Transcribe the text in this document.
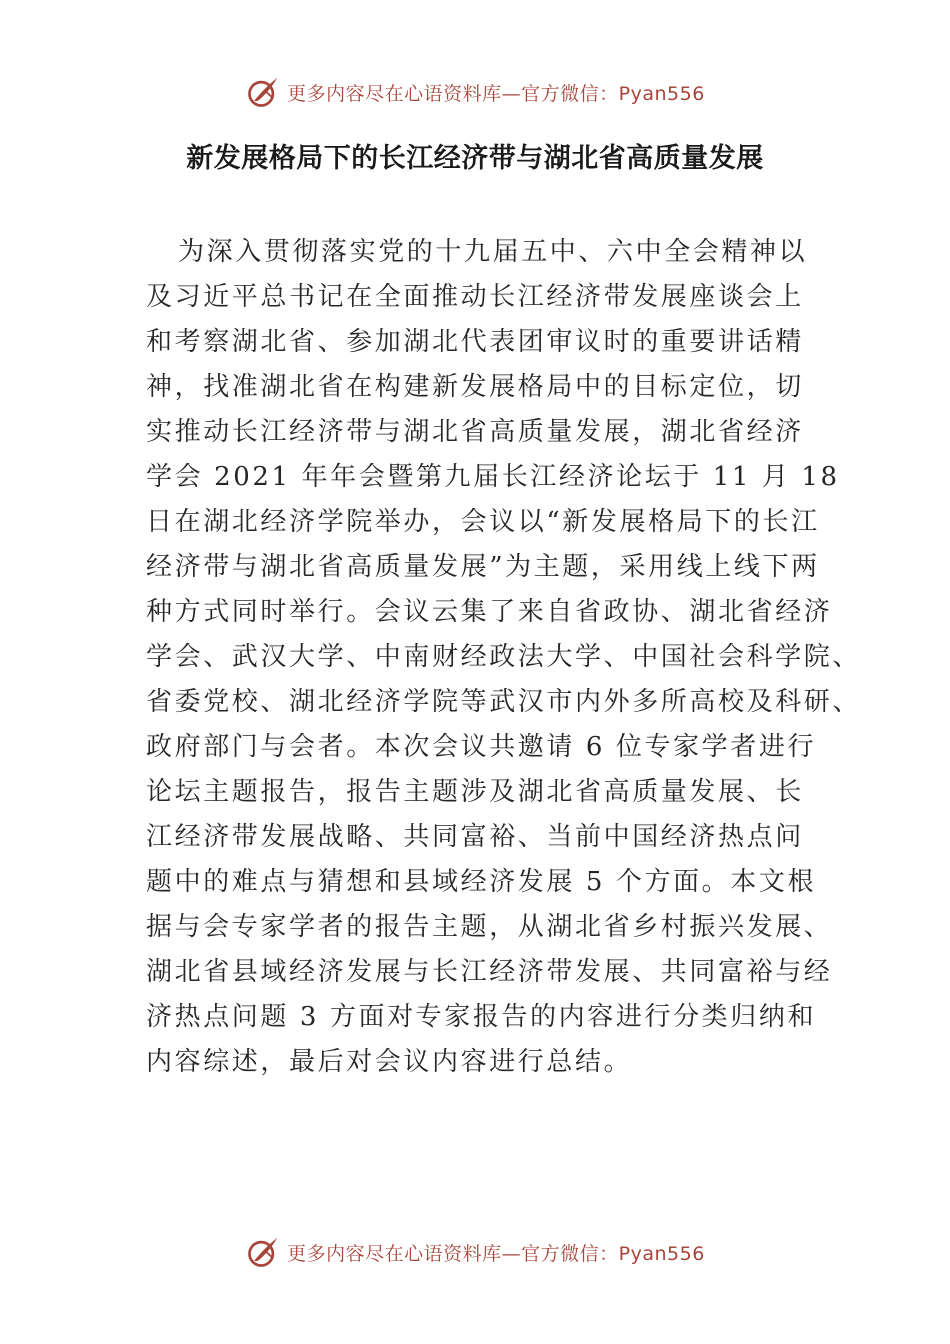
更多内容尽在心语资料库—官方微信：Pyan556
新发展格局下的长江经济带与湖北省高质量发展
为深入贯彻落实党的十九届五中、六中全会精神以
及习近平总书记在全面推动长江经济带发展座谈会上
和考察湖北省、参加湖北代表团审议时的重要讲话精
神，找准湖北省在构建新发展格局中的目标定位，切
实推动长江经济带与湖北省高质量发展，湖北省经济
学会 2021 年年会暨第九届长江经济论坛于 11 月 18
日在湖北经济学院举办，会议以“新发展格局下的长江
经济带与湖北省高质量发展”为主题，采用线上线下两
种方式同时举行。会议云集了来自省政协、湖北省经济
学会、武汉大学、中南财经政法大学、中国社会科学院、
省委党校、湖北经济学院等武汉市内外多所高校及科研、
政府部门与会者。本次会议共邀请 6 位专家学者进行
论坛主题报告，报告主题涉及湖北省高质量发展、长
江经济带发展战略、共同富裕、当前中国经济热点问
题中的难点与猜想和县域经济发展 5 个方面。本文根
据与会专家学者的报告主题，从湖北省乡村振兴发展、
湖北省县域经济发展与长江经济带发展、共同富裕与经
济热点问题 3 方面对专家报告的内容进行分类归纳和
内容综述，最后对会议内容进行总结。
更多内容尽在心语资料库—官方微信：Pyan556
